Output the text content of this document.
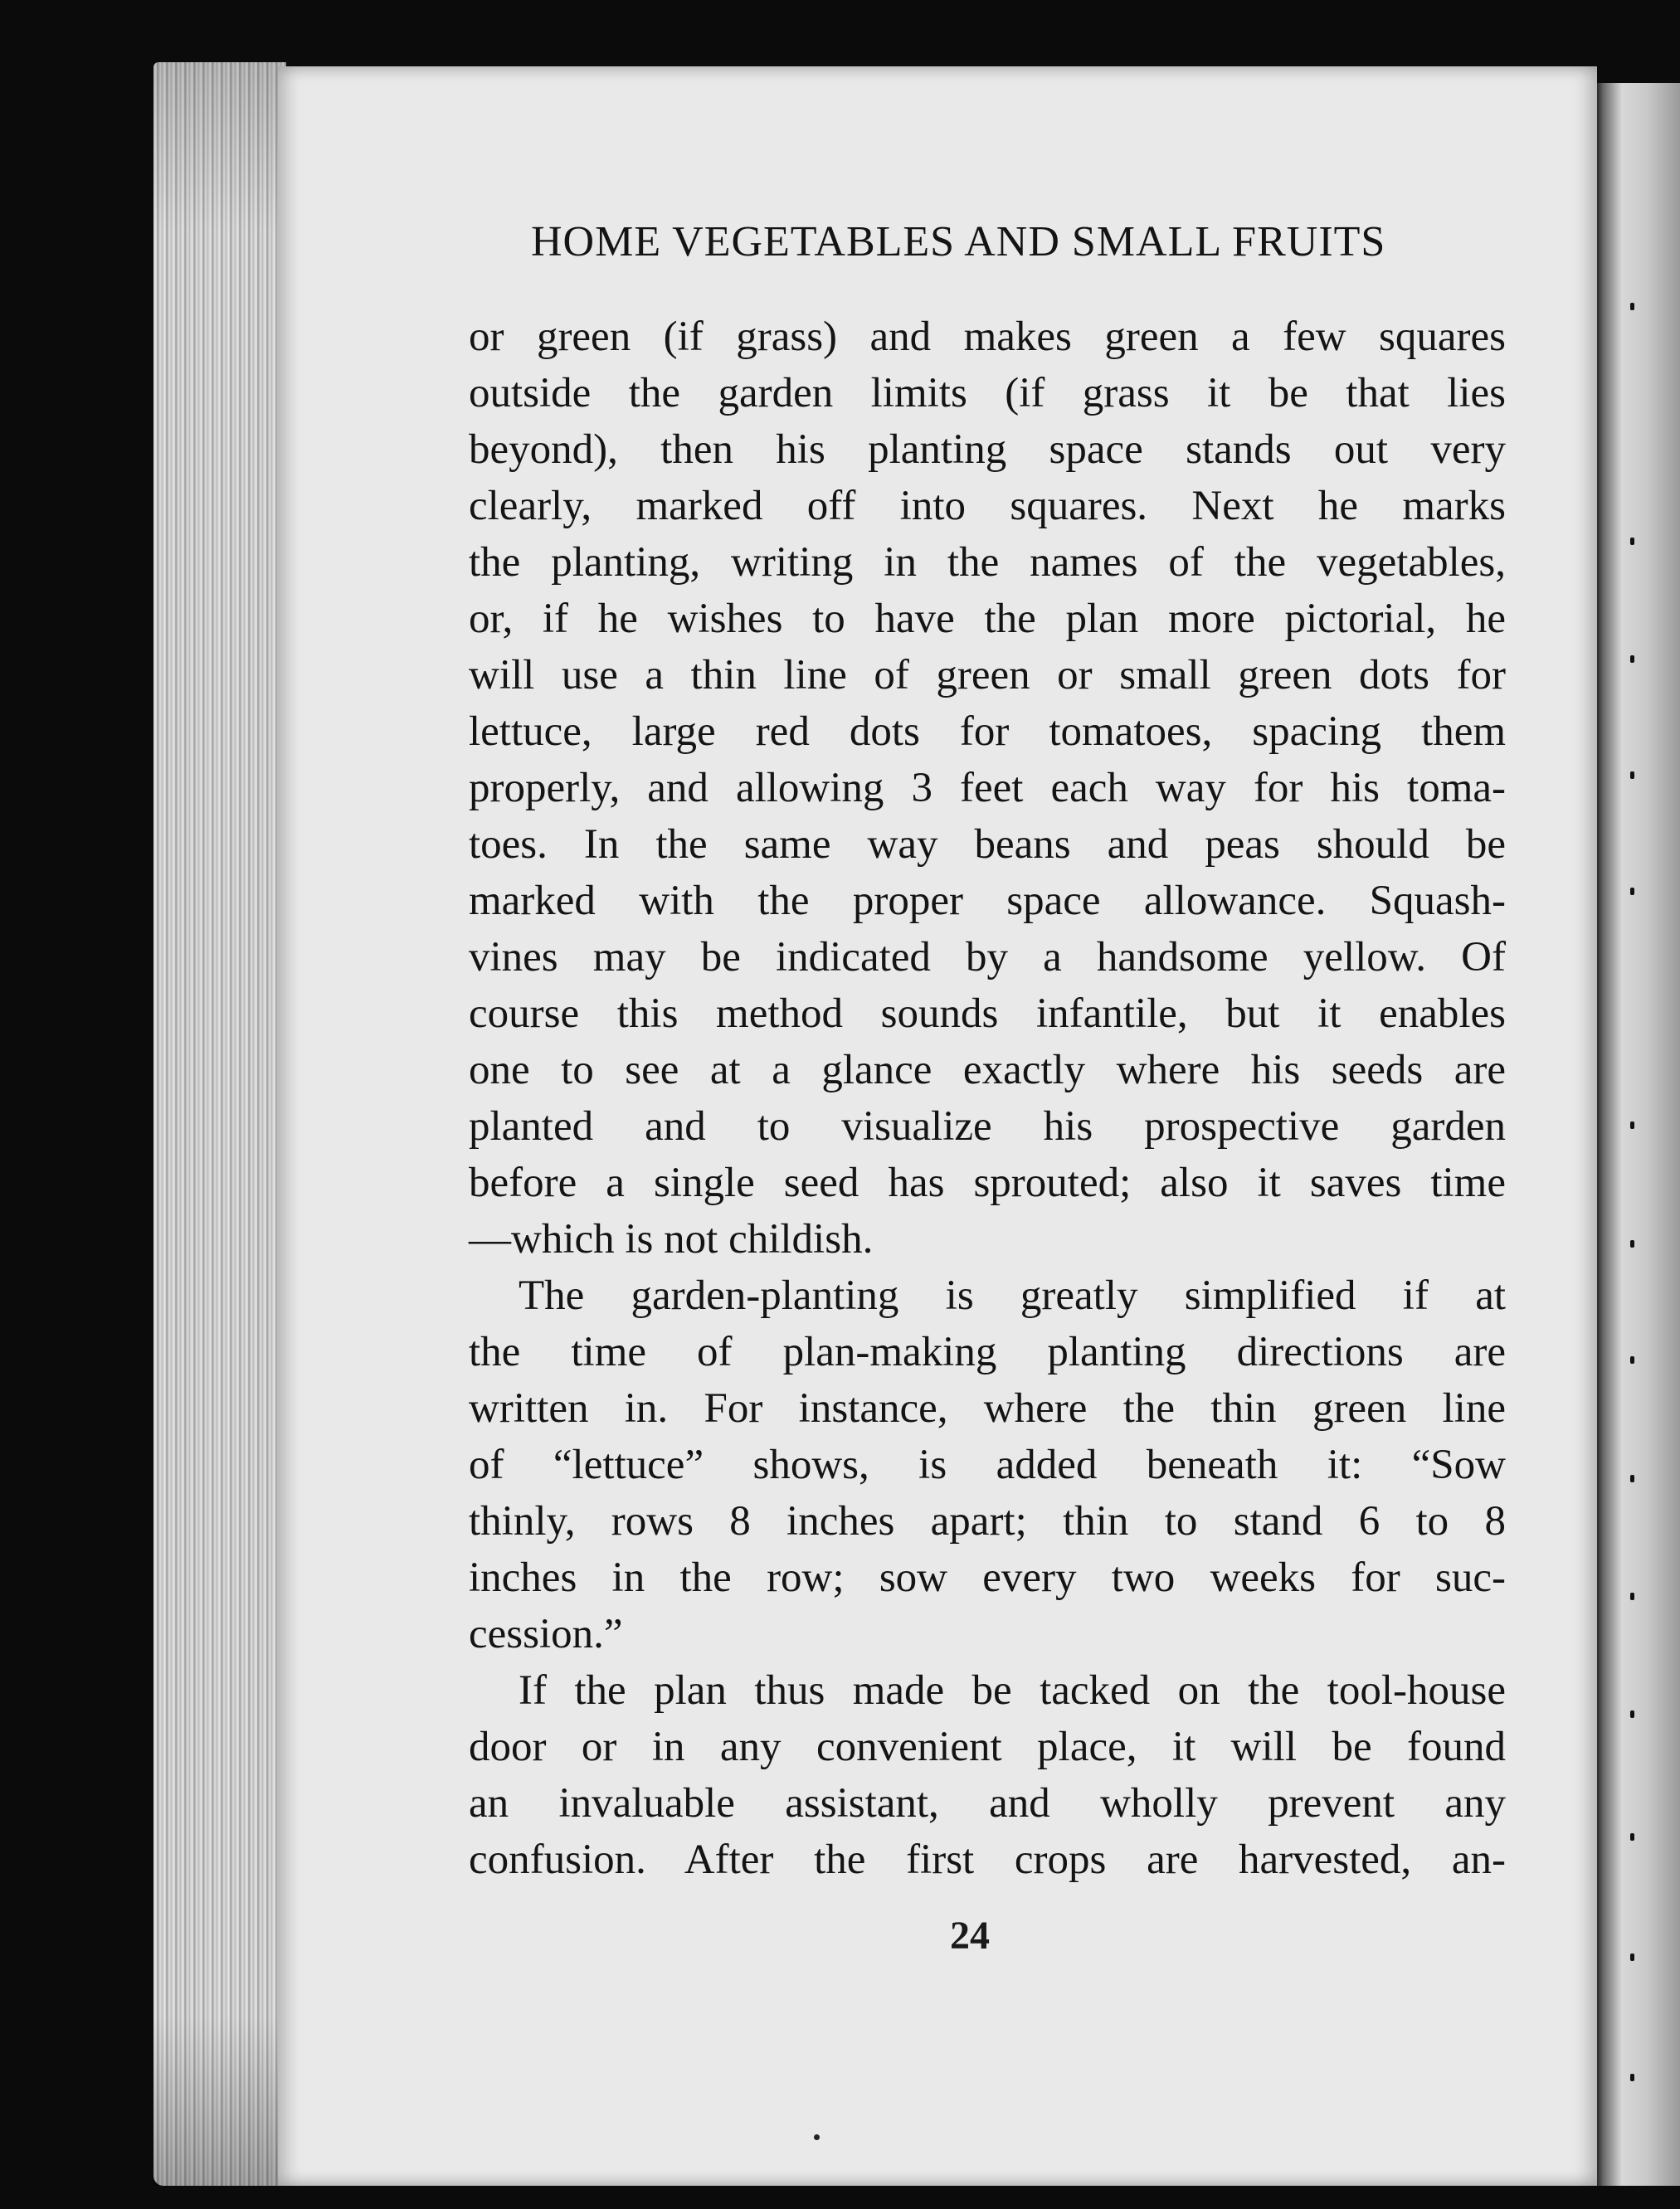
HOME VEGETABLES AND SMALL FRUITS

or green (if grass) and makes green a few squares
outside the garden limits (if grass it be that lies
beyond), then his planting space stands out very
clearly, marked off into squares. Next he marks
the planting, writing in the names of the vegetables,
or, if he wishes to have the plan more pictorial, he
will use a thin line of green or small green dots for
lettuce, large red dots for tomatoes, spacing them
properly, and allowing 3 feet each way for his toma-
toes. In the same way beans and peas should be
marked with the proper space allowance. Squash-
vines may be indicated by a handsome yellow. Of
course this method sounds infantile, but it enables
one to see at a glance exactly where his seeds are
planted and to visualize his prospective garden
before a single seed has sprouted; also it saves time
—which is not childish.

The garden-planting is greatly simplified if at
the time of plan-making planting directions are
written in. For instance, where the thin green line
of “lettuce” shows, is added beneath it: “Sow
thinly, rows 8 inches apart; thin to stand 6 to 8
inches in the row; sow every two weeks for suc-
cession.”

If the plan thus made be tacked on the tool-house
door or in any convenient place, it will be found
an invaluable assistant, and wholly prevent any
confusion. After the first crops are harvested, an-

24
